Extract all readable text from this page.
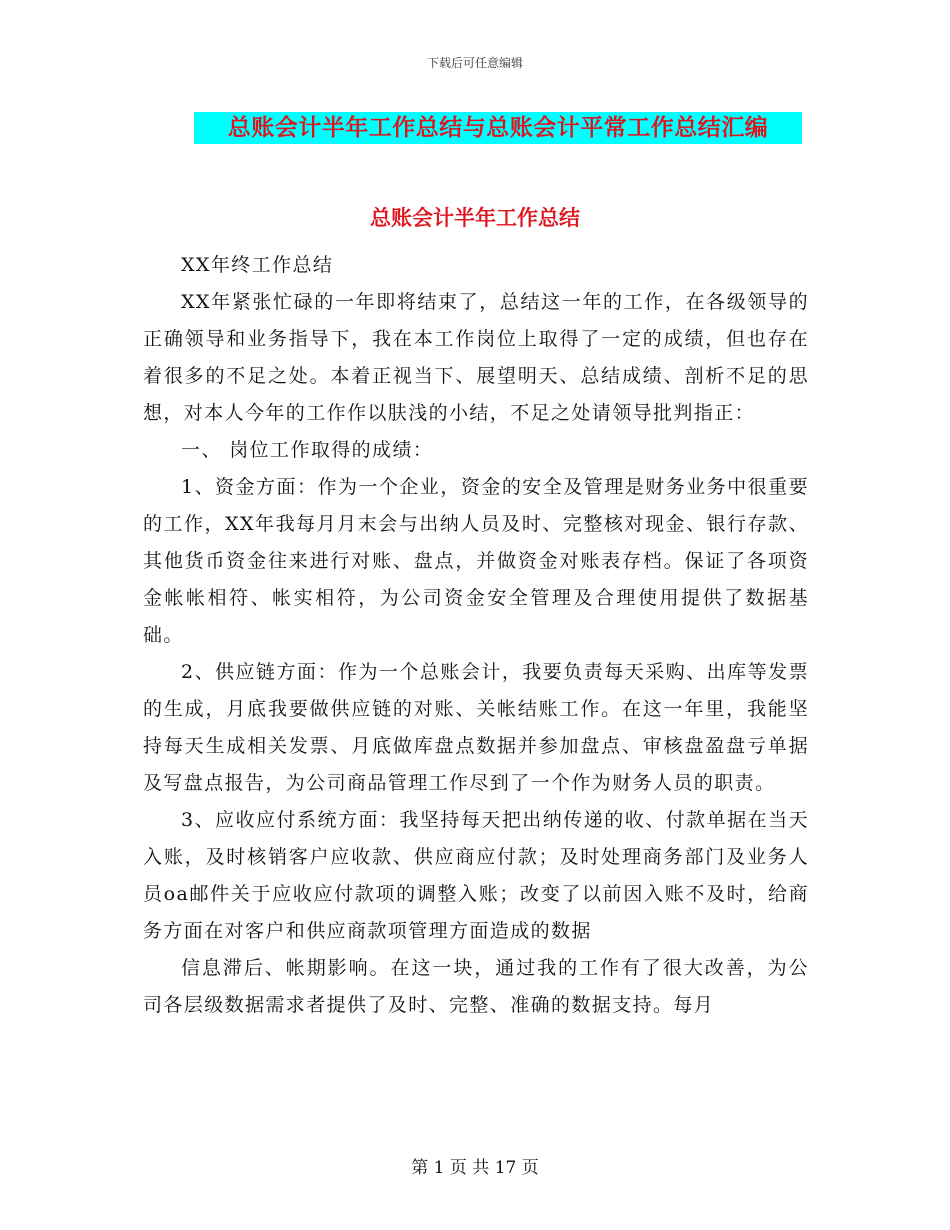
下载后可任意编辑
总账会计半年工作总结与总账会计平常工作总结汇编
总账会计半年工作总结

XX年终工作总结

XX年紧张忙碌的一年即将结束了，总结这一年的工作，在各级领导的正确领导和业务指导下，我在本工作岗位上取得了一定的成绩，但也存在着很多的不足之处。本着正视当下、展望明天、总结成绩、剖析不足的思想，对本人今年的工作作以肤浅的小结，不足之处请领导批判指正：

一、 岗位工作取得的成绩：

1、资金方面：作为一个企业，资金的安全及管理是财务业务中很重要的工作，XX年我每月月末会与出纳人员及时、完整核对现金、银行存款、其他货币资金往来进行对账、盘点，并做资金对账表存档。保证了各项资金帐帐相符、帐实相符，为公司资金安全管理及合理使用提供了数据基础。

2、供应链方面：作为一个总账会计，我要负责每天采购、出库等发票的生成，月底我要做供应链的对账、关帐结账工作。在这一年里，我能坚持每天生成相关发票、月底做库盘点数据并参加盘点、审核盘盈盘亏单据及写盘点报告，为公司商品管理工作尽到了一个作为财务人员的职责。

3、应收应付系统方面：我坚持每天把出纳传递的收、付款单据在当天入账，及时核销客户应收款、供应商应付款；及时处理商务部门及业务人员oa邮件关于应收应付款项的调整入账；改变了以前因入账不及时，给商务方面在对客户和供应商款项管理方面造成的数据

信息滞后、帐期影响。在这一块，通过我的工作有了很大改善，为公司各层级数据需求者提供了及时、完整、准确的数据支持。每月

第 1 页 共 17 页
